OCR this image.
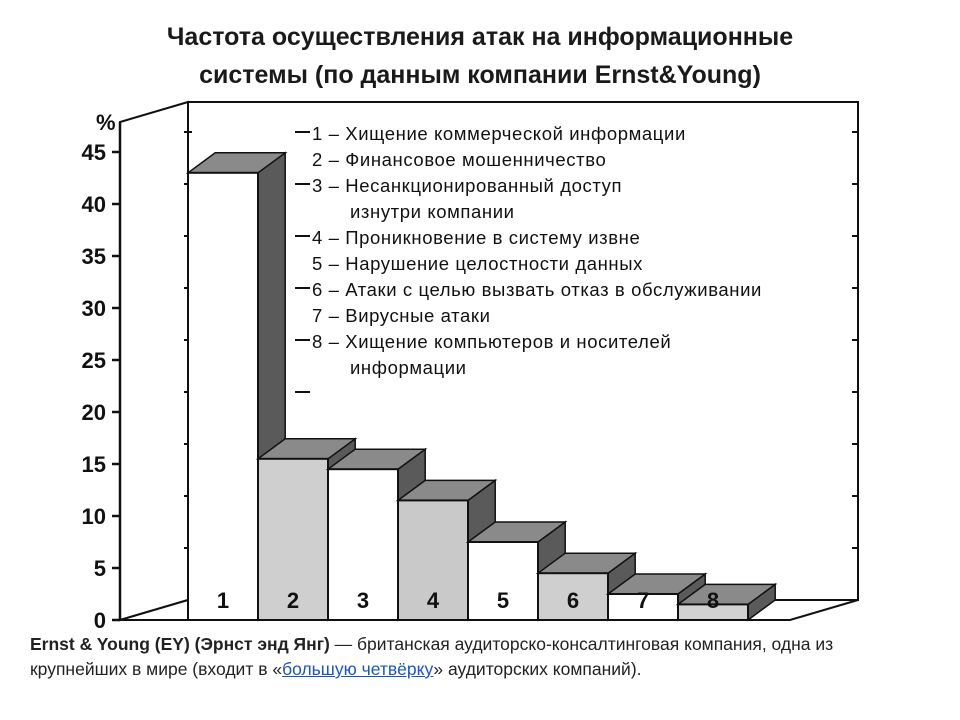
Частота осуществления атак на информационные
системы (по данным компании Ernst&Young)
0
5
10
15
20
25
30
35
40
45
%	1 – Хищение коммерческой информации
2 – Финансовое мошенничество
3 – Несанкционированный доступ
изнутри компании
4 – Проникновение в систему извне
5 – Нарушение целостности данных
6 – Атаки с целью вызвать отказ в обслуживании
7 – Вирусные атаки
8 – Хищение компьютеров и носителей
информации
1	2	3	4	5	6	7	8
Ernst & Young (EY) (Эрнст энд Янг) — британская аудиторско-консалтинговая компания, одна из крупнейших в мире (входит в «большую четвёрку» аудиторских компаний).
